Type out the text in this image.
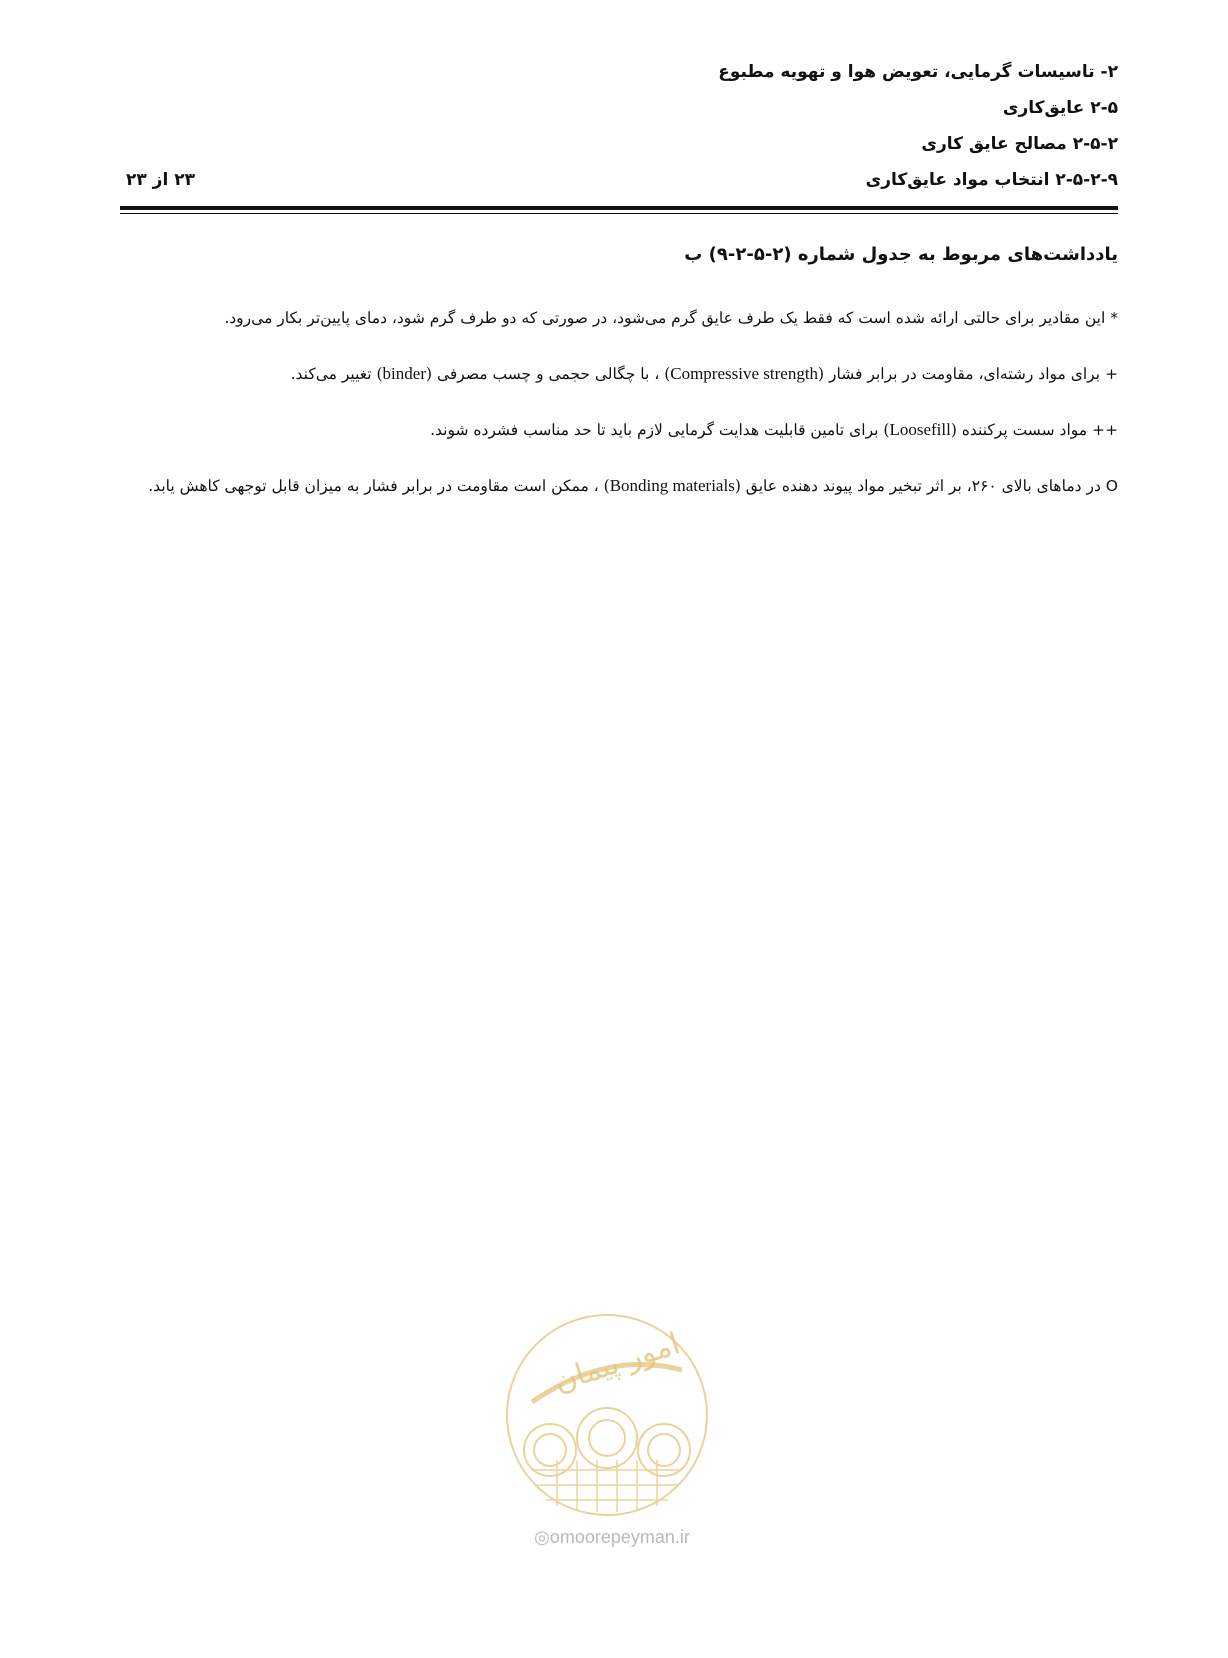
۲- تاسیسات گرمایی، تعویض هوا و تهویه مطبوع
۲-۵ عایق‌کاری
۲-۵-۲ مصالح عایق کاری
۲-۵-۲-۹ انتخاب مواد عایق‌کاری
۲۳ از ۲۳

یادداشت‌های مربوط به جدول شماره (۲-۵-۲-۹) ب

* این مقادیر برای حالتی ارائه شده است که فقط یک طرف عایق گرم می‌شود، در صورتی که دو طرف گرم شود، دمای پایین‌تر بکار می‌رود.

+ برای مواد رشته‌ای، مقاومت در برابر فشار (Compressive strength) ، با چگالی حجمی و چسب مصرفی (binder) تغییر می‌کند.

++ مواد سست پرکننده (Loosefill) برای تامین قابلیت هدایت گرمایی لازم باید تا حد مناسب فشرده شوند.

O در دماهای بالای ۲۶۰، بر اثر تبخیر مواد پیوند دهنده عایق (Bonding materials) ، ممکن است مقاومت در برابر فشار به میزان قابل توجهی کاهش یابد.

امور پیمان
◎omoorepeyman.ir
